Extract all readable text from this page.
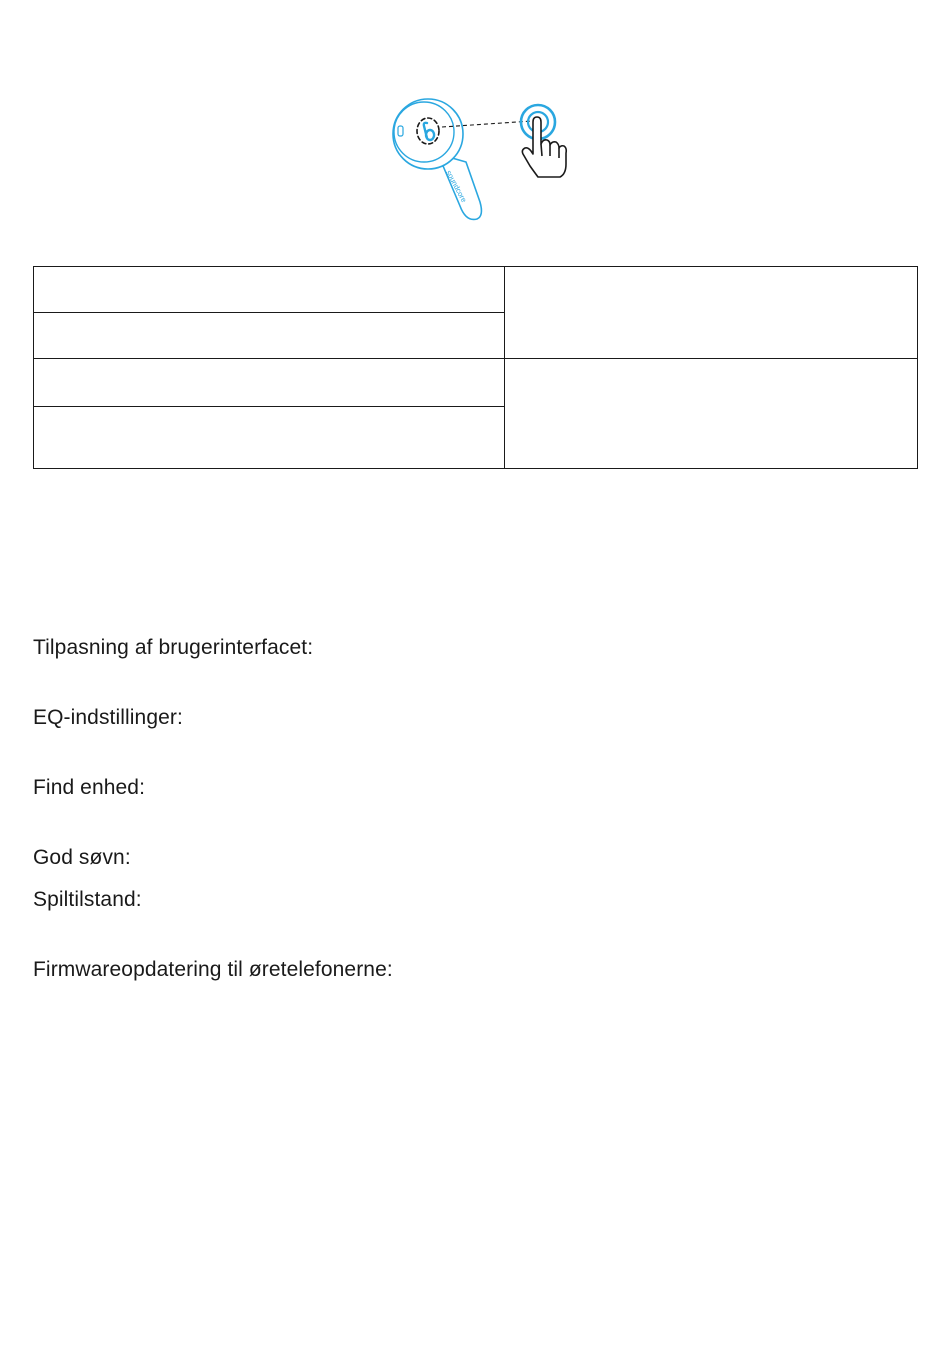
soundcore

Tilpasning af brugerinterfacet:

EQ-indstillinger:

Find enhed:

God søvn:

Spiltilstand:

Firmwareopdatering til øretelefonerne:
